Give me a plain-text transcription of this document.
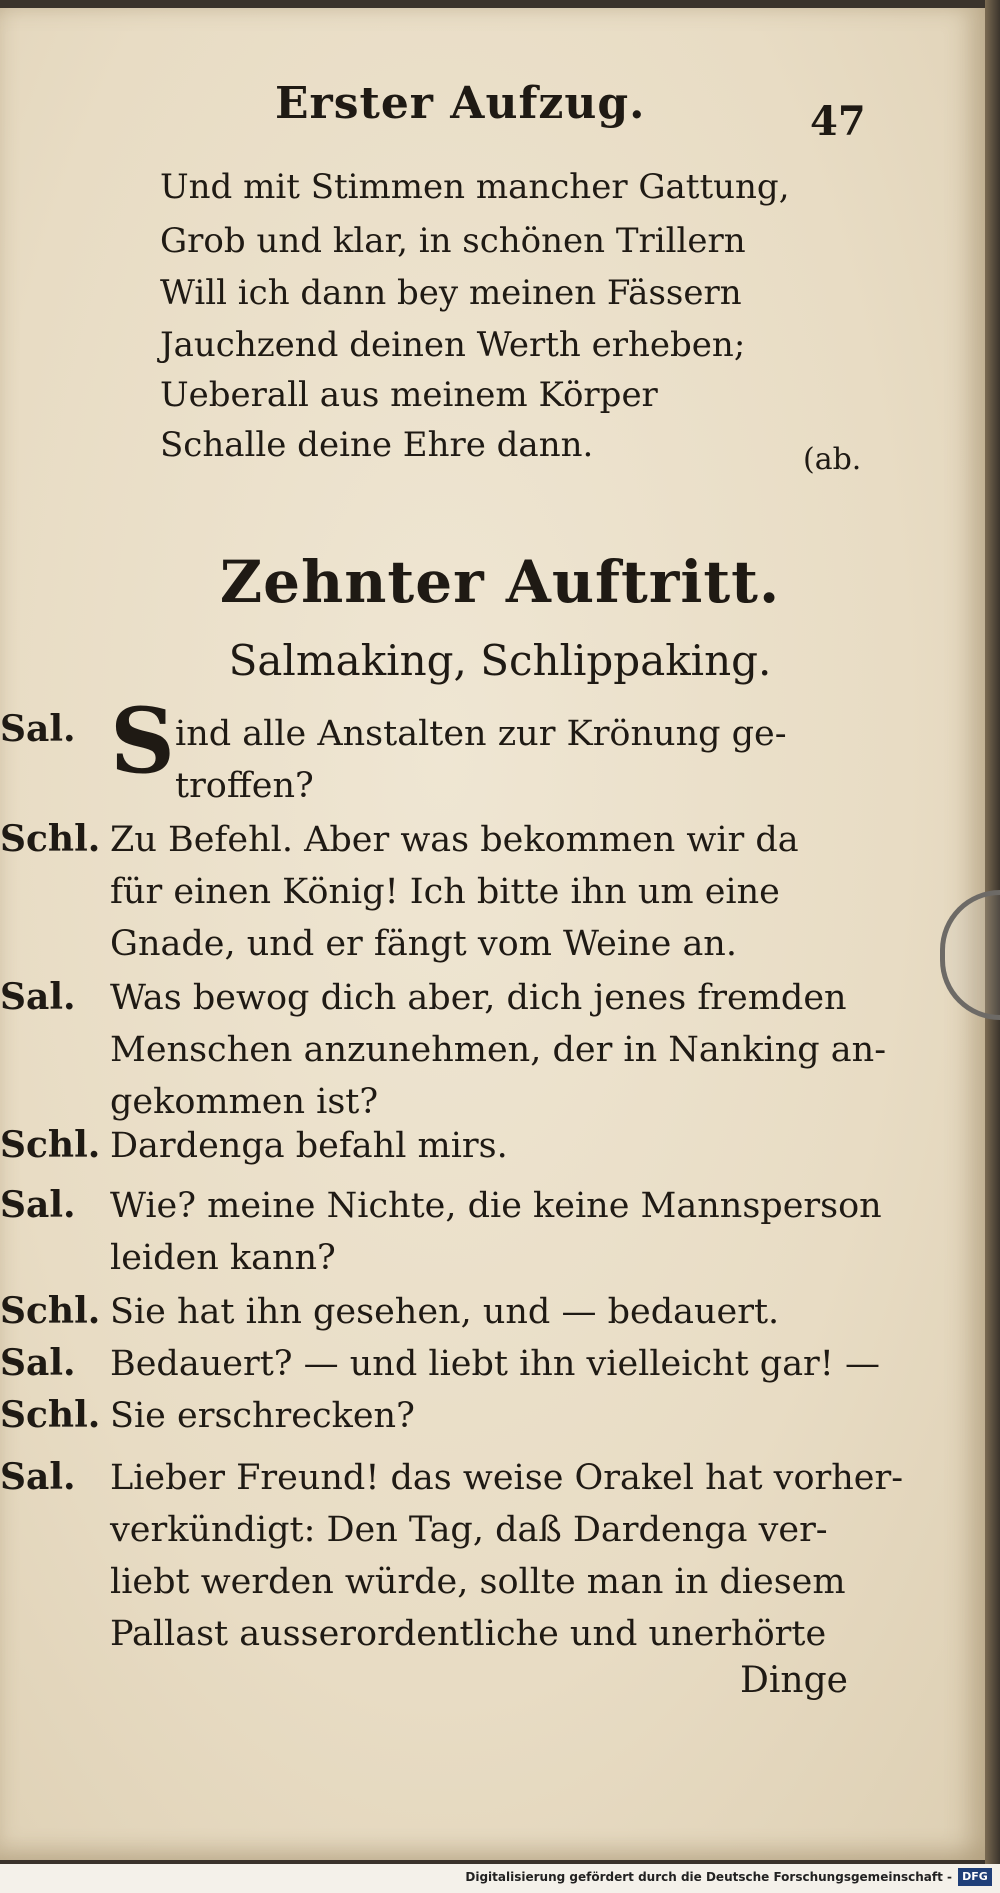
Erster Aufzug.	47
Und mit Stimmen mancher Gattung,
Grob und klar, in schönen Trillern
Will ich dann bey meinen Fässern
Jauchzend deinen Werth erheben;
Ueberall aus meinem Körper
Schalle deine Ehre dann.	(ab.
Zehnter Auftritt.
Salmaking, Schlippaking.
Sal. S ind alle Anstalten zur Krönung ge-
troffen?
Schl. Zu Befehl. Aber was bekommen wir da
für einen König! Ich bitte ihn um eine
Gnade, und er fängt vom Weine an.
Sal. Was bewog dich aber, dich jenes fremden
Menschen anzunehmen, der in Nanking an-
gekommen ist?
Schl. Dardenga befahl mirs.
Sal. Wie? meine Nichte, die keine Mannsperson
leiden kann?
Schl. Sie hat ihn gesehen, und — bedauert.
Sal. Bedauert? — und liebt ihn vielleicht gar! —
Schl. Sie erschrecken?
Sal. Lieber Freund! das weise Orakel hat vorher-
verkündigt: Den Tag, daß Dardenga ver-
liebt werden würde, sollte man in diesem
Pallast ausserordentliche und unerhörte
Dinge
Digitalisierung gefördert durch die Deutsche Forschungsgemeinschaft - DFG
